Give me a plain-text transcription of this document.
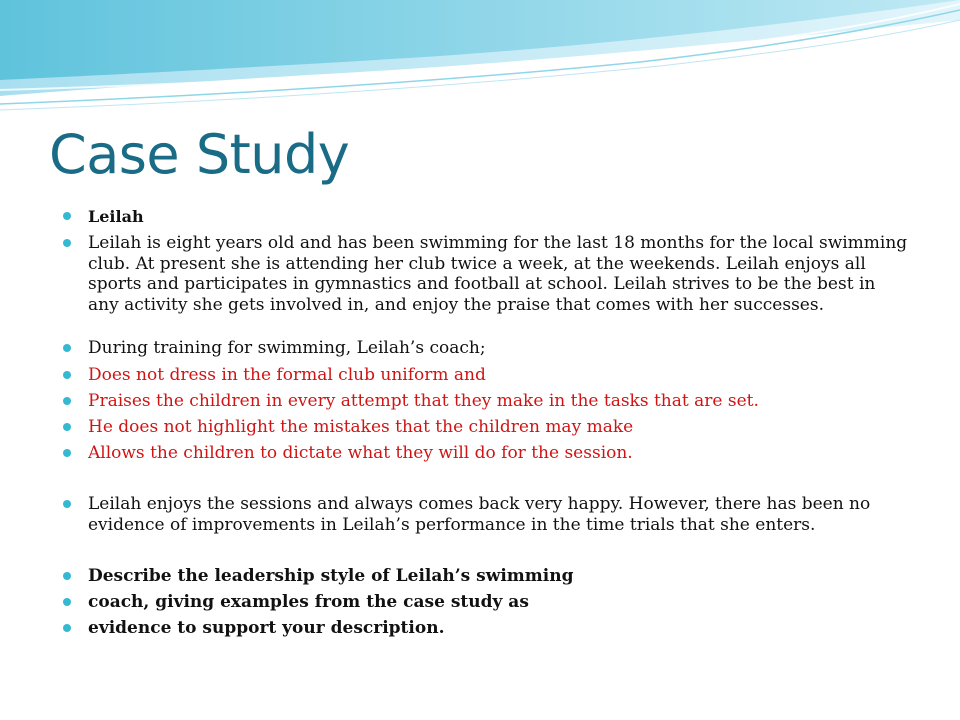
Case Study
Leilah
Leilah is eight years old and has been swimming for the last 18 months for the local swimming club. At present she is attending her club twice a week, at the weekends. Leilah enjoys all sports and participates in gymnastics and football at school. Leilah strives to be the best in any activity she gets involved in, and enjoy the praise that comes with her successes.
During training for swimming, Leilah’s coach;
Does not dress in the formal club uniform and
Praises the children in every attempt that they make in the tasks that are set.
He does not highlight the mistakes that the children may make
Allows the children to dictate what they will do for the session.
Leilah enjoys the sessions and always comes back very happy. However, there has been no evidence of improvements in Leilah’s performance in the time trials that she enters.
Describe the leadership style of Leilah’s swimming
coach, giving examples from the case study as
evidence to support your description.
